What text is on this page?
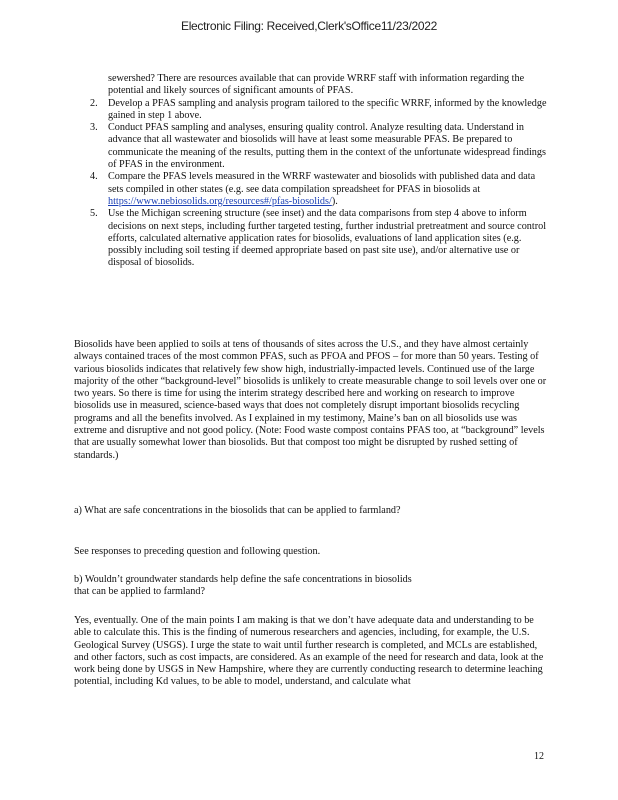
Electronic Filing: Received,Clerk'sOffice11/23/2022

sewershed? There are resources available that can provide WRRF staff with information regarding the potential and likely sources of significant amounts of PFAS.

2.	Develop a PFAS sampling and analysis program tailored to the specific WRRF, informed by the knowledge gained in step 1 above.
3.	Conduct PFAS sampling and analyses, ensuring quality control. Analyze resulting data. Understand in advance that all wastewater and biosolids will have at least some measurable PFAS. Be prepared to communicate the meaning of the results, putting them in the context of the unfortunate widespread findings of PFAS in the environment.
4.	Compare the PFAS levels measured in the WRRF wastewater and biosolids with published data and data sets compiled in other states (e.g. see data compilation spreadsheet for PFAS in biosolids at https://www.nebiosolids.org/resources#/pfas-biosolids/).
5.	Use the Michigan screening structure (see inset) and the data comparisons from step 4 above to inform decisions on next steps, including further targeted testing, further industrial pretreatment and source control efforts, calculated alternative application rates for biosolids, evaluations of land application sites (e.g. possibly including soil testing if deemed appropriate based on past site use), and/or alternative use or disposal of biosolids.
Biosolids have been applied to soils at tens of thousands of sites across the U.S., and they have almost certainly always contained traces of the most common PFAS, such as PFOA and PFOS – for more than 50 years. Testing of various biosolids indicates that relatively few show high, industrially-impacted levels. Continued use of the large majority of the other “background-level” biosolids is unlikely to create measurable change to soil levels over one or two years. So there is time for using the interim strategy described here and working on research to improve biosolids use in measured, science-based ways that does not completely disrupt important biosolids recycling programs and all the benefits involved. As I explained in my testimony, Maine’s ban on all biosolids use was extreme and disruptive and not good policy. (Note: Food waste compost contains PFAS too, at “background” levels that are usually somewhat lower than biosolids. But that compost too might be disrupted by rushed setting of standards.)
a) What are safe concentrations in the biosolids that can be applied to farmland?
See responses to preceding question and following question.
b) Wouldn’t groundwater standards help define the safe concentrations in biosolids that can be applied to farmland?
Yes, eventually. One of the main points I am making is that we don’t have adequate data and understanding to be able to calculate this. This is the finding of numerous researchers and agencies, including, for example, the U.S. Geological Survey (USGS). I urge the state to wait until further research is completed, and MCLs are established, and other factors, such as cost impacts, are considered. As an example of the need for research and data, look at the work being done by USGS in New Hampshire, where they are currently conducting research to determine leaching potential, including Kd values, to be able to model, understand, and calculate what
12
